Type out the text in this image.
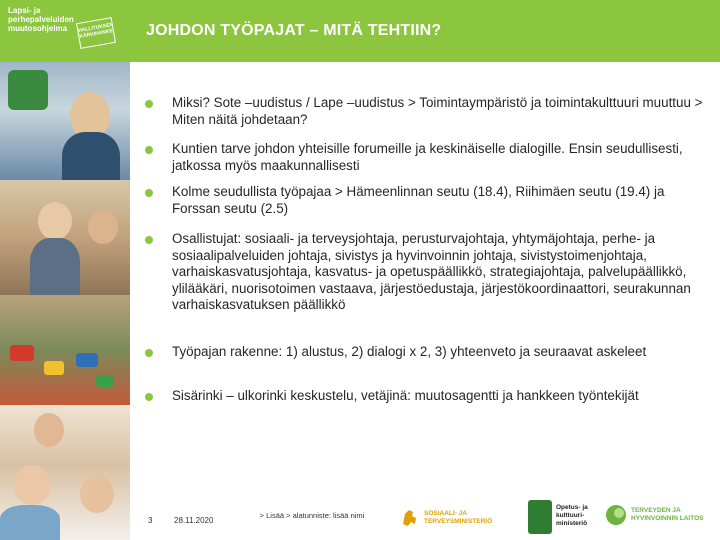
Lapsi- ja
perhepalveluiden
muutosohjelma	HALLITUKSEN KÄRKIHANKE JOHDON TYÖPAJAT – MITÄ TEHTIIN?
Miksi? Sote –uudistus / Lape –uudistus > Toimintaympäristö ja toimintakulttuuri muuttuu > Miten näitä johdetaan?
Kuntien tarve johdon yhteisille forumeille ja keskinäiselle dialogille. Ensin seudullisesti, jatkossa myös maakunnallisesti
Kolme seudullista työpajaa > Hämeenlinnan seutu (18.4), Riihimäen seutu (19.4) ja Forssan seutu (2.5)
Osallistujat: sosiaali- ja terveysjohtaja, perusturvajohtaja, yhtymäjohtaja, perhe- ja sosiaalipalveluiden johtaja, sivistys ja hyvinvoinnin johtaja, sivistystoimenjohtaja, varhaiskasvatusjohtaja, kasvatus- ja opetuspäällikkö, strategiajohtaja, palvelupäällikkö, ylilääkäri, nuorisotoimen vastaava, järjestöedustaja, järjestökoordinaattori, seurakunnan varhaiskasvatuksen päällikkö
Työpajan rakenne: 1) alustus, 2) dialogi x 2, 3) yhteenveto ja seuraavat askeleet
Sisärinki – ulkorinki keskustelu, vetäjinä: muutosagentti ja hankkeen työntekijät
3	28.11.2020
> Lisää > alatunniste: lisää nimi	SOSIAALI- JA TERVEYSMINISTERIÖ
Opetus- ja kulttuuri-ministeriö
TERVEYDEN JA HYVINVOINNIN LAITOS
